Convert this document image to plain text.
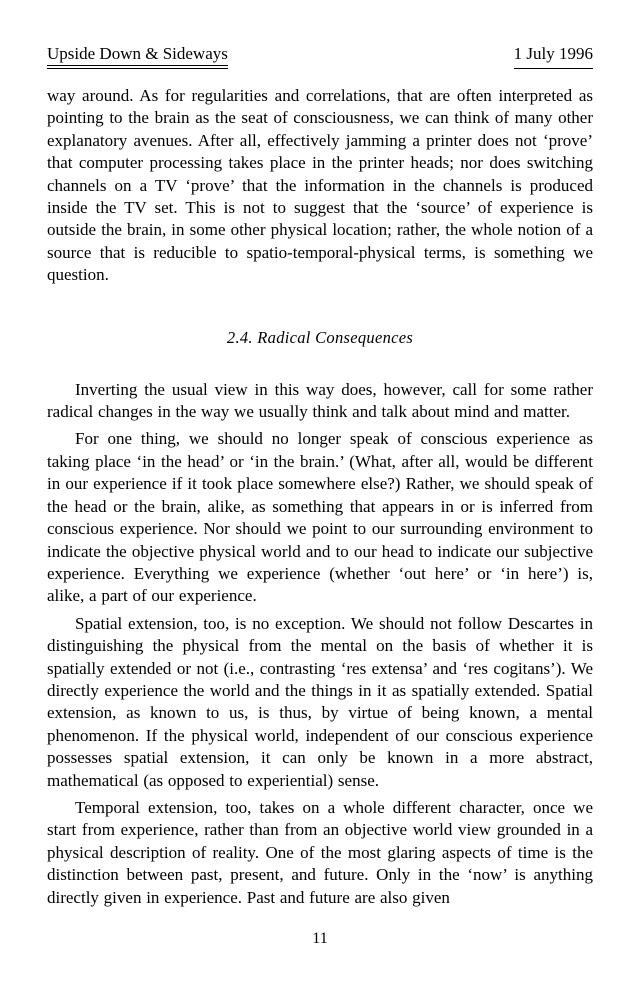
Upside Down & Sideways	1 July 1996

way around. As for regularities and correlations, that are often interpreted as pointing to the brain as the seat of consciousness, we can think of many other explanatory avenues. After all, effectively jamming a printer does not ‘prove’ that computer processing takes place in the printer heads; nor does switching channels on a TV ‘prove’ that the information in the channels is produced inside the TV set. This is not to suggest that the ‘source’ of experience is outside the brain, in some other physical location; rather, the whole notion of a source that is reducible to spatio-temporal-physical terms, is something we question.

2.4. Radical Consequences

Inverting the usual view in this way does, however, call for some rather radical changes in the way we usually think and talk about mind and matter.

For one thing, we should no longer speak of conscious experience as taking place ‘in the head’ or ‘in the brain.’ (What, after all, would be different in our experience if it took place somewhere else?) Rather, we should speak of the head or the brain, alike, as something that appears in or is inferred from conscious experience. Nor should we point to our surrounding environment to indicate the objective physical world and to our head to indicate our subjective experience. Everything we experience (whether ‘out here’ or ‘in here’) is, alike, a part of our experience.

Spatial extension, too, is no exception. We should not follow Descartes in distinguishing the physical from the mental on the basis of whether it is spatially extended or not (i.e., contrasting ‘res extensa’ and ‘res cogitans’). We directly experience the world and the things in it as spatially extended. Spatial extension, as known to us, is thus, by virtue of being known, a mental phenomenon. If the physical world, independent of our conscious experience possesses spatial extension, it can only be known in a more abstract, mathematical (as opposed to experiential) sense.

Temporal extension, too, takes on a whole different character, once we start from experience, rather than from an objective world view grounded in a physical description of reality. One of the most glaring aspects of time is the distinction between past, present, and future. Only in the ‘now’ is anything directly given in experience. Past and future are also given

11
